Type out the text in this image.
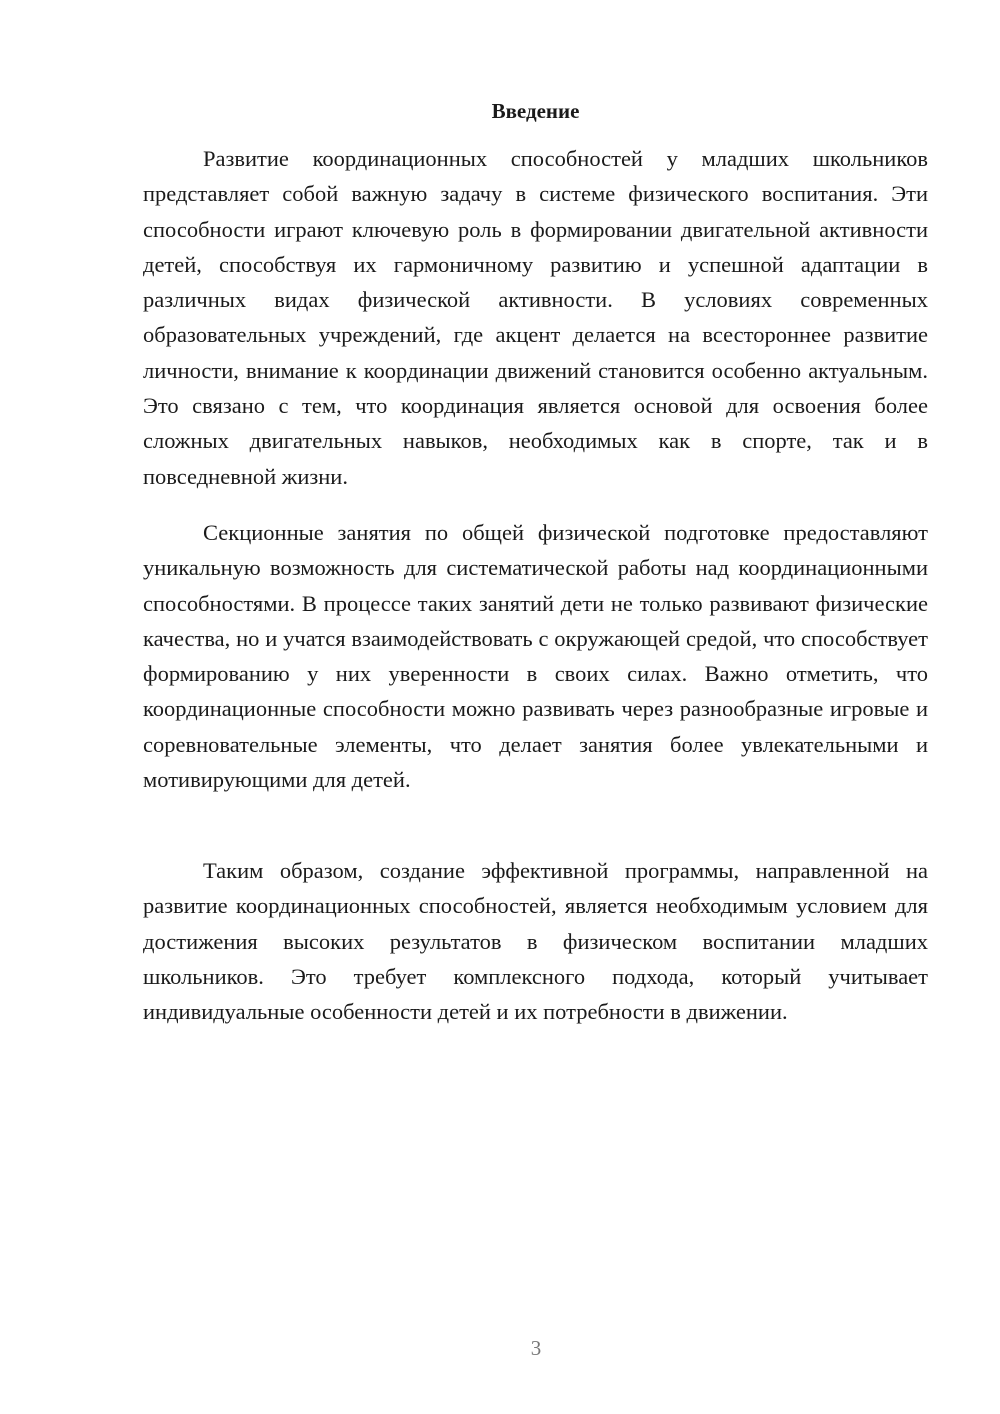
Введение

Развитие координационных способностей у младших школьников представляет собой важную задачу в системе физического воспитания. Эти способности играют ключевую роль в формировании двигательной активности детей, способствуя их гармоничному развитию и успешной адаптации в различных видах физической активности. В условиях современных образовательных учреждений, где акцент делается на всестороннее развитие личности, внимание к координации движений становится особенно актуальным. Это связано с тем, что координация является основой для освоения более сложных двигательных навыков, необходимых как в спорте, так и в повседневной жизни.

Секционные занятия по общей физической подготовке предоставляют уникальную возможность для систематической работы над координационными способностями. В процессе таких занятий дети не только развивают физические качества, но и учатся взаимодействовать с окружающей средой, что способствует формированию у них уверенности в своих силах. Важно отметить, что координационные способности можно развивать через разнообразные игровые и соревновательные элементы, что делает занятия более увлекательными и мотивирующими для детей.

Таким образом, создание эффективной программы, направленной на развитие координационных способностей, является необходимым условием для достижения высоких результатов в физическом воспитании младших школьников. Это требует комплексного подхода, который учитывает индивидуальные особенности детей и их потребности в движении.

3
